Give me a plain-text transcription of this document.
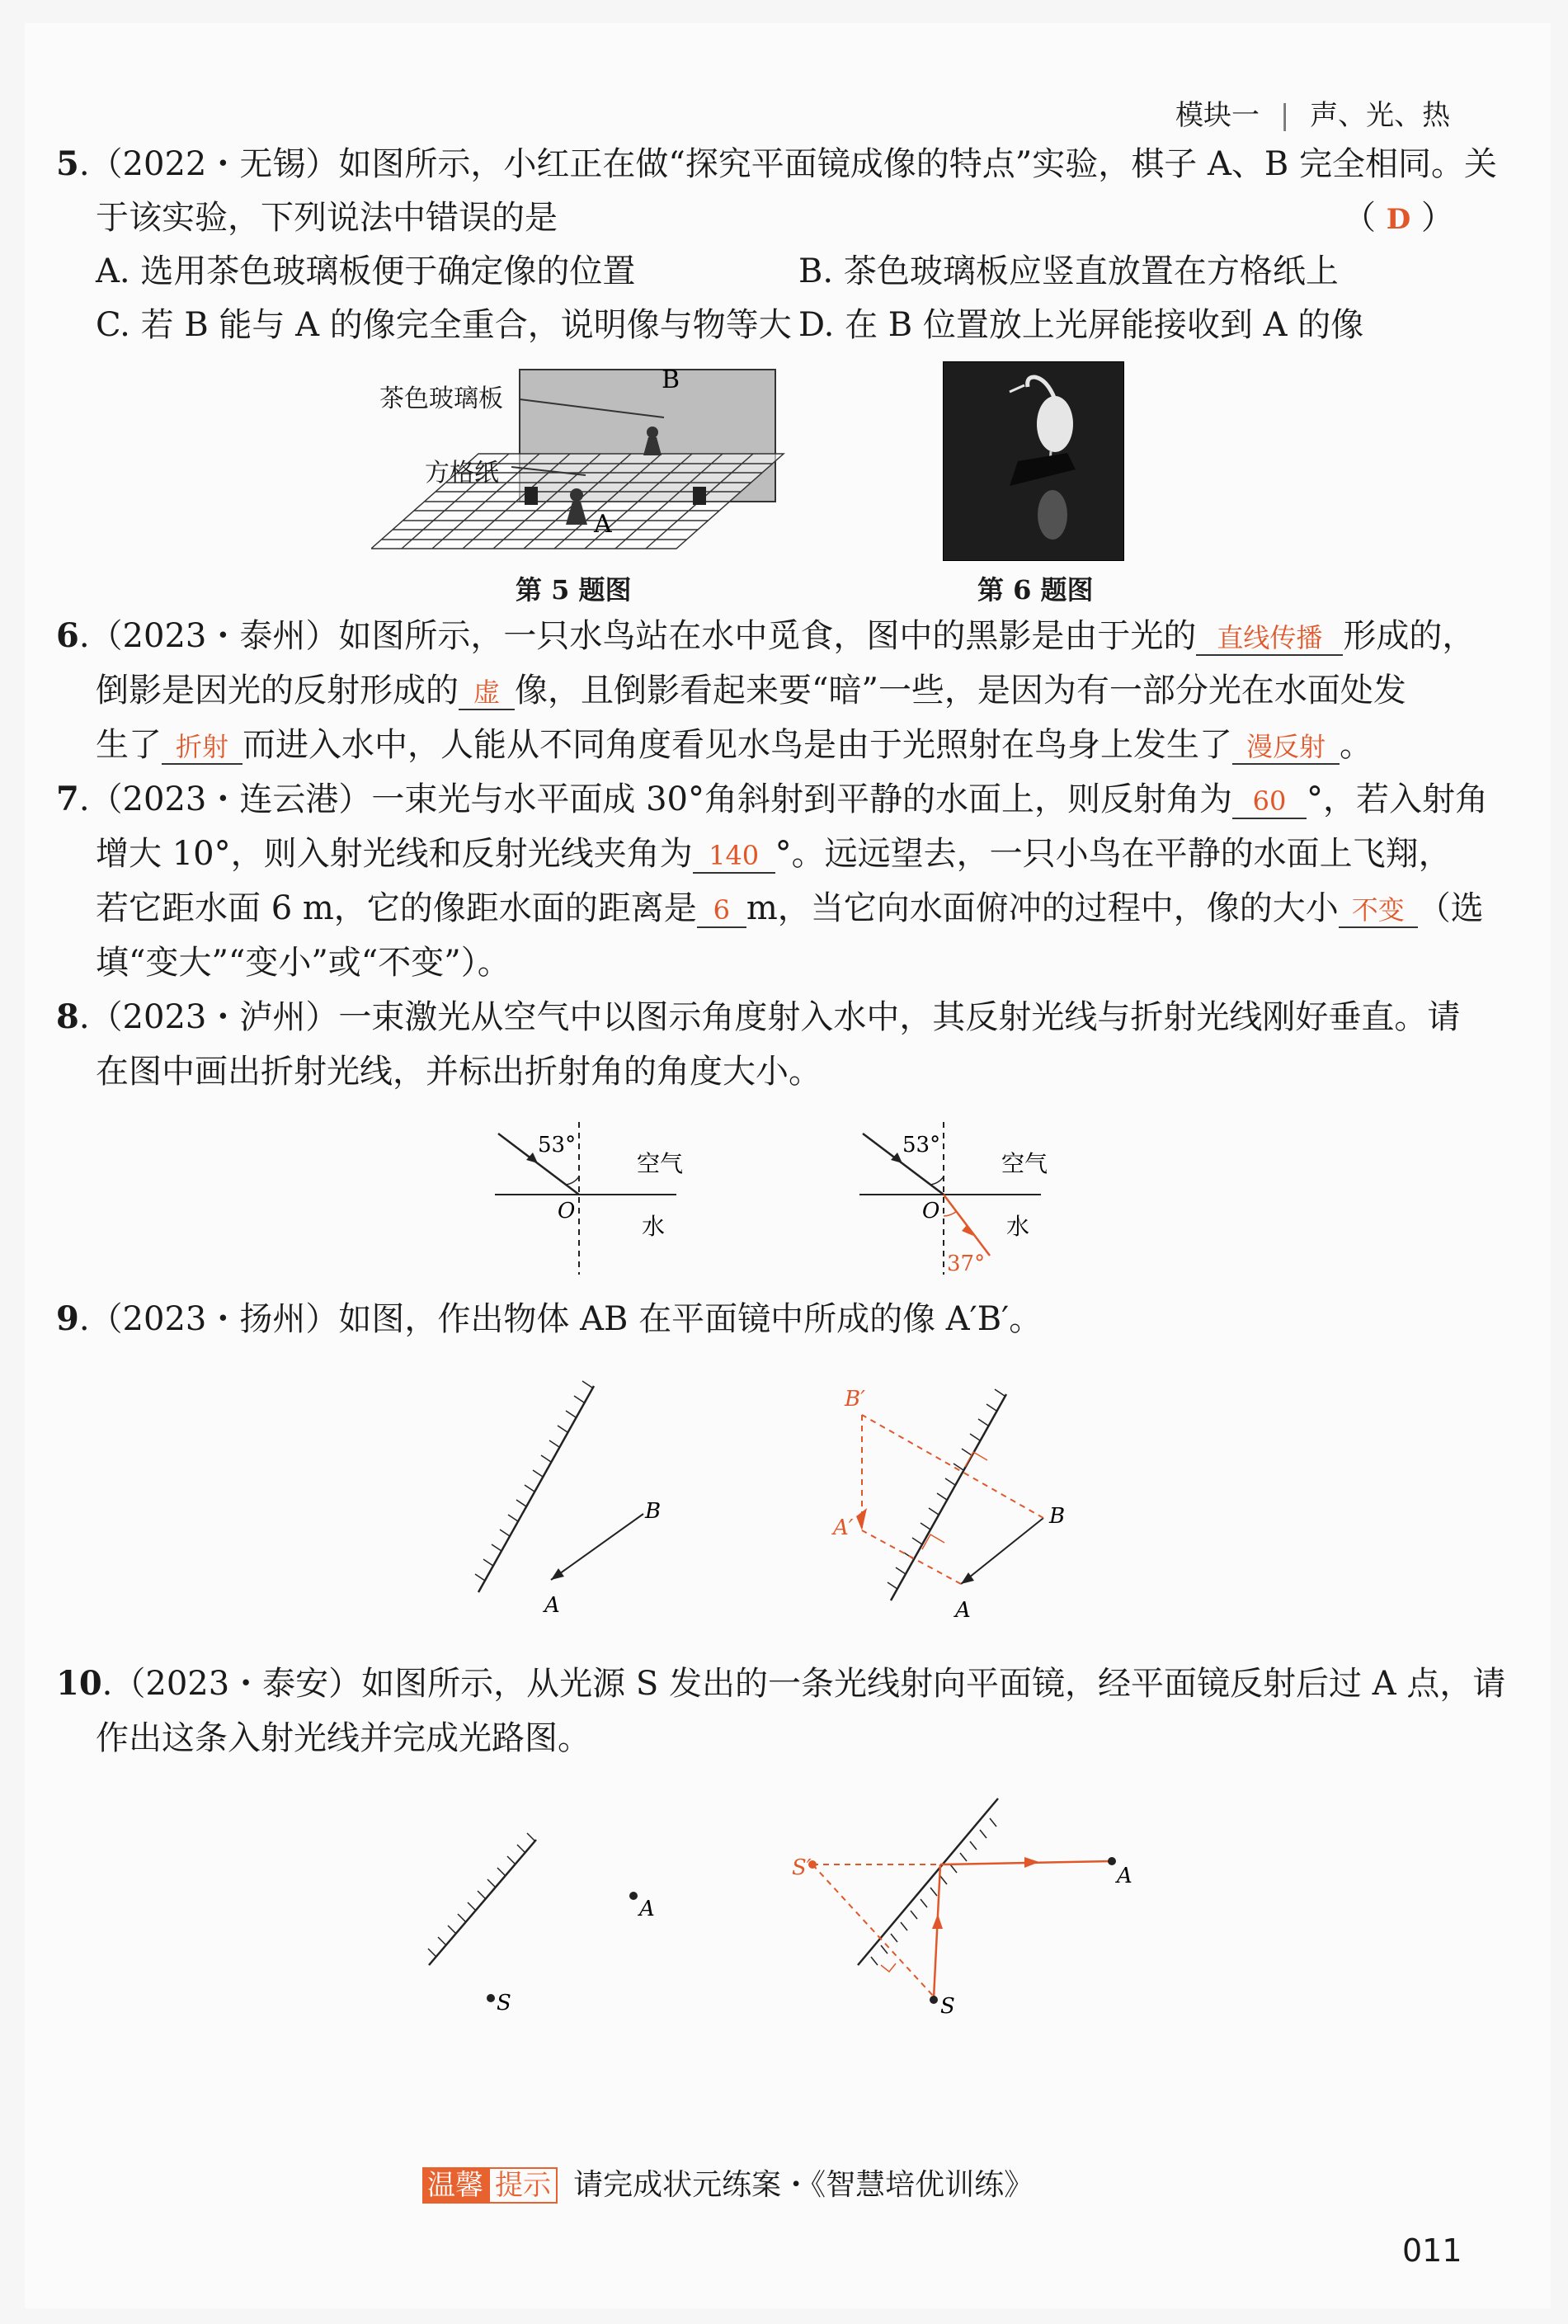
模块一 | 声、光、热
5.（2022・无锡）如图所示，小红正在做“探究平面镜成像的特点”实验，棋子 A、B 完全相同。关
于该实验，下列说法中错误的是	（ D ）
A. 选用茶色玻璃板便于确定像的位置	B. 茶色玻璃板应竖直放置在方格纸上
C. 若 B 能与 A 的像完全重合，说明像与物等大 D. 在 B 位置放上光屏能接收到 A 的像
B
A
茶色玻璃板
方格纸
第 5 题图	第 6 题图
6.（2023・泰州）如图所示，一只水鸟站在水中觅食，图中的黑影是由于光的 直线传播 形成的，
倒影是因光的反射形成的 虚 像，且倒影看起来要“暗”一些，是因为有一部分光在水面处发
生了 折射 而进入水中，人能从不同角度看见水鸟是由于光照射在鸟身上发生了 漫反射 。
7.（2023・连云港）一束光与水平面成 30°角斜射到平静的水面上，则反射角为 60 °，若入射角
增大 10°，则入射光线和反射光线夹角为 140 °。远远望去，一只小鸟在平静的水面上飞翔，
若它距水面 6 m，它的像距水面的距离是 6 m，当它向水面俯冲的过程中，像的大小 不变 （选
填“变大”“变小”或“不变”）。
8.（2023・泸州）一束激光从空气中以图示角度射入水中，其反射光线与折射光线刚好垂直。请
在图中画出折射光线，并标出折射角的角度大小。
53°
空气
水
O
53°
空气
水
O
37°
9.（2023・扬州）如图，作出物体 AB 在平面镜中所成的像 A′B′。
B
A
B
A
B′
A′
10.（2023・泰安）如图所示，从光源 S 发出的一条光线射向平面镜，经平面镜反射后过 A 点，请
作出这条入射光线并完成光路图。
A
S
S′	A
S
温馨 提示 请完成状元练案・《智慧培优训练》
011
